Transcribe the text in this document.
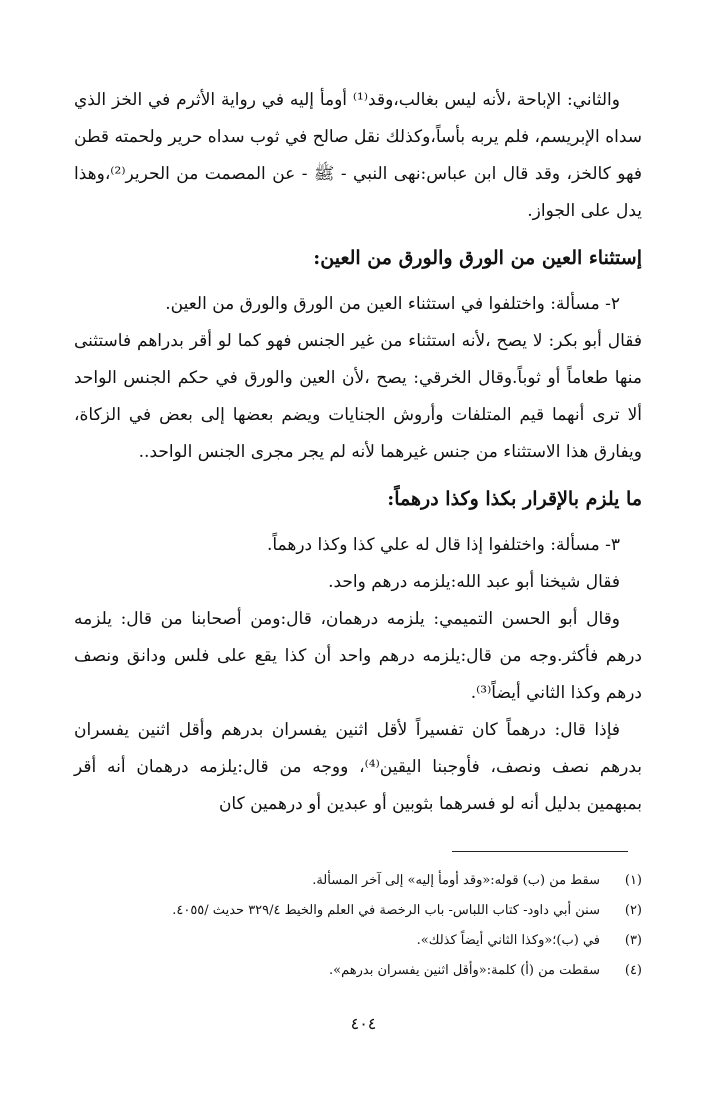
والثاني: الإباحة ،لأنه ليس بغالب،وقد⁽¹⁾ أومأ إليه في رواية الأثرم في الخز الذي سداه الإبريسم، فلم يربه بأساً،وكذلك نقل صالح في ثوب سداه حرير ولحمته قطن فهو كالخز، وقد قال ابن عباس:نهى النبي - ﷺ - عن المصمت من الحرير⁽²⁾،وهذا يدل على الجواز.

إستثناء العين من الورق والورق من العين:

٢- مسألة: واختلفوا في استثناء العين من الورق والورق من العين.

فقال أبو بكر: لا يصح ،لأنه استثناء من غير الجنس فهو كما لو أقر بدراهم فاستثنى منها طعاماً أو ثوباً.وقال الخرقي: يصح ،لأن العين والورق في حكم الجنس الواحد ألا ترى أنهما قيم المتلفات وأروش الجنايات ويضم بعضها إلى بعض في الزكاة، ويفارق هذا الاستثناء من جنس غيرهما لأنه لم يجر مجرى الجنس الواحد..

ما يلزم بالإقرار بكذا وكذا درهماً:

٣- مسألة: واختلفوا إذا قال له علي كذا وكذا درهماً.

فقال شيخنا أبو عبد الله:يلزمه درهم واحد.

وقال أبو الحسن التميمي: يلزمه درهمان، قال:ومن أصحابنا من قال: يلزمه درهم فأكثر.وجه من قال:يلزمه درهم واحد أن كذا يقع على فلس ودانق ونصف درهم وكذا الثاني أيضاً⁽³⁾.

فإذا قال: درهماً كان تفسيراً لأقل اثنين يفسران بدرهم وأقل اثنين يفسران بدرهم نصف ونصف، فأوجبنا اليقين⁽⁴⁾، ووجه من قال:يلزمه درهمان أنه أقر بمبهمين بدليل أنه لو فسرهما بثوبين أو عبدين أو درهمين كان

(١)
سقط من (ب) قوله:«وقد أومأ إليه» إلى آخر المسألة.
(٢)
سنن أبي داود- كتاب اللباس- باب الرخصة في العلم والخيط ٣٢٩/٤ حديث /٤٠٥٥.
(٣)
في (ب)؛«وكذا الثاني أيضاً كذلك».
(٤)
سقطت من (أ) كلمة:«وأقل اثنين يفسران بدرهم».
٤٠٤
